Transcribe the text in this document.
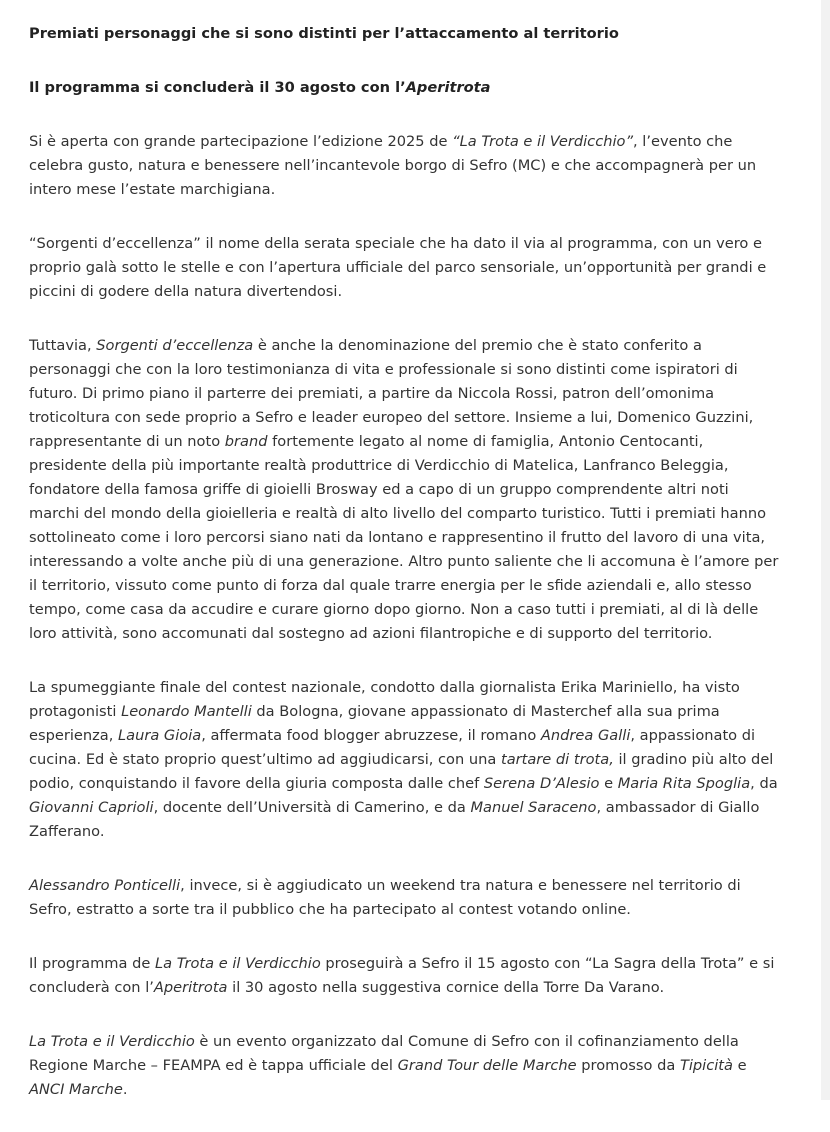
Premiati personaggi che si sono distinti per l’attaccamento al territorio

Il programma si concluderà il 30 agosto con l’Aperitrota

Si è aperta con grande partecipazione l’edizione 2025 de “La Trota e il Verdicchio”, l’evento che celebra gusto, natura e benessere nell’incantevole borgo di Sefro (MC) e che accompagnerà per un intero mese l’estate marchigiana.

“Sorgenti d’eccellenza” il nome della serata speciale che ha dato il via al programma, con un vero e proprio galà sotto le stelle e con l’apertura ufficiale del parco sensoriale, un’opportunità per grandi e piccini di godere della natura divertendosi.

Tuttavia, Sorgenti d’eccellenza è anche la denominazione del premio che è stato conferito a personaggi che con la loro testimonianza di vita e professionale si sono distinti come ispiratori di futuro. Di primo piano il parterre dei premiati, a partire da Niccola Rossi, patron dell’omonima troticoltura con sede proprio a Sefro e leader europeo del settore. Insieme a lui, Domenico Guzzini, rappresentante di un noto brand fortemente legato al nome di famiglia, Antonio Centocanti, presidente della più importante realtà produttrice di Verdicchio di Matelica, Lanfranco Beleggia, fondatore della famosa griffe di gioielli Brosway ed a capo di un gruppo comprendente altri noti marchi del mondo della gioielleria e realtà di alto livello del comparto turistico. Tutti i premiati hanno sottolineato come i loro percorsi siano nati da lontano e rappresentino il frutto del lavoro di una vita, interessando a volte anche più di una generazione. Altro punto saliente che li accomuna è l’amore per il territorio, vissuto come punto di forza dal quale trarre energia per le sfide aziendali e, allo stesso tempo, come casa da accudire e curare giorno dopo giorno. Non a caso tutti i premiati, al di là delle loro attività, sono accomunati dal sostegno ad azioni filantropiche e di supporto del territorio.

La spumeggiante finale del contest nazionale, condotto dalla giornalista Erika Mariniello, ha visto protagonisti Leonardo Mantelli da Bologna, giovane appassionato di Masterchef alla sua prima esperienza, Laura Gioia, affermata food blogger abruzzese, il romano Andrea Galli, appassionato di cucina. Ed è stato proprio quest’ultimo ad aggiudicarsi, con una tartare di trota, il gradino più alto del podio, conquistando il favore della giuria composta dalle chef Serena D’Alesio e Maria Rita Spoglia, da Giovanni Caprioli, docente dell’Università di Camerino, e da Manuel Saraceno, ambassador di Giallo Zafferano.

Alessandro Ponticelli, invece, si è aggiudicato un weekend tra natura e benessere nel territorio di Sefro, estratto a sorte tra il pubblico che ha partecipato al contest votando online.

Il programma de La Trota e il Verdicchio proseguirà a Sefro il 15 agosto con “La Sagra della Trota” e si concluderà con l’Aperitrota il 30 agosto nella suggestiva cornice della Torre Da Varano.

La Trota e il Verdicchio è un evento organizzato dal Comune di Sefro con il cofinanziamento della Regione Marche – FEAMPA ed è tappa ufficiale del Grand Tour delle Marche promosso da Tipicità e ANCI Marche.
